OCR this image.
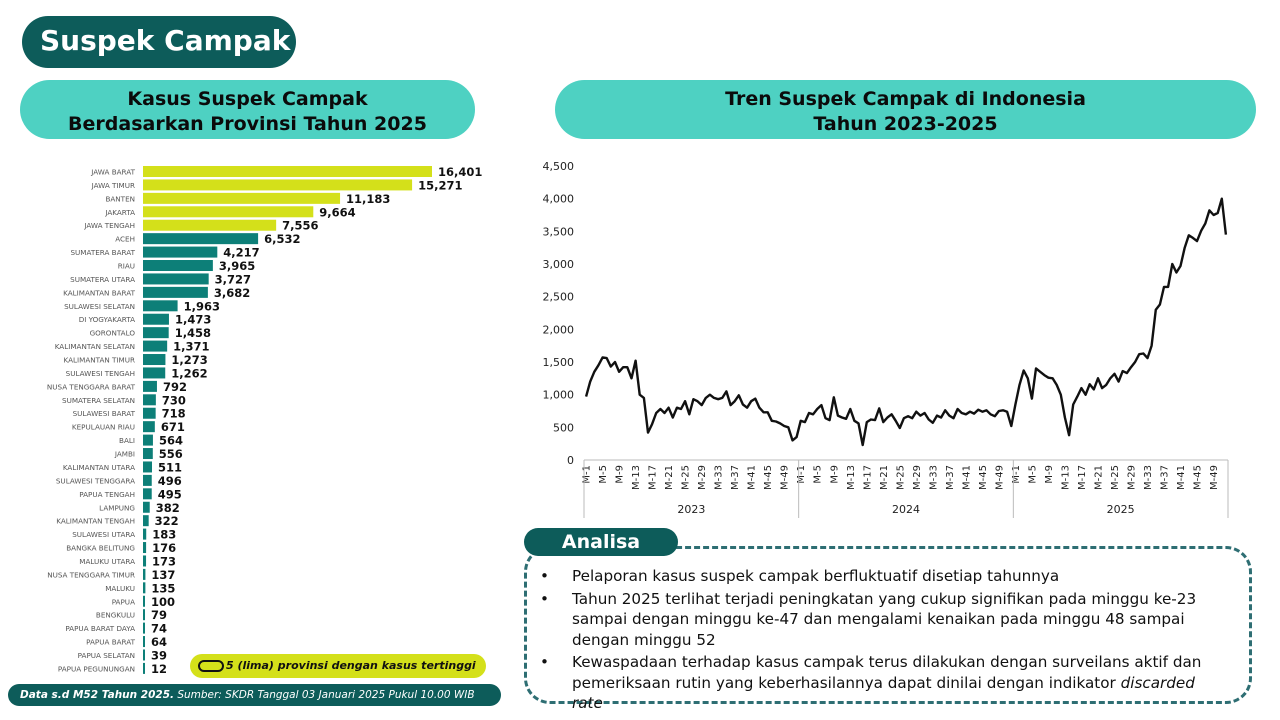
Suspek Campak
Kasus Suspek Campak
Berdasarkan Provinsi Tahun 2025
Tren Suspek Campak di Indonesia
Tahun 2023-2025
JAWA BARAT	16,401
JAWA TIMUR	15,271
BANTEN	11,183
JAKARTA	9,664
JAWA TENGAH	7,556
ACEH	6,532
SUMATERA BARAT	4,217
RIAU	3,965
SUMATERA UTARA	3,727
KALIMANTAN BARAT	3,682
SULAWESI SELATAN	1,963
DI YOGYAKARTA	1,473
GORONTALO	1,458
KALIMANTAN SELATAN	1,371
KALIMANTAN TIMUR	1,273
SULAWESI TENGAH	1,262
NUSA TENGGARA BARAT 792
SUMATERA SELATAN 730
SULAWESI BARAT 718
KEPULAUAN RIAU 671
BALI 564
JAMBI 556
KALIMANTAN UTARA 511
SULAWESI TENGGARA 496
PAPUA TENGAH 495
LAMPUNG 382
KALIMANTAN TENGAH 322
SULAWESI UTARA 183
BANGKA BELITUNG 176
MALUKU UTARA 173
NUSA TENGGARA TIMUR 137
MALUKU 135
PAPUA 100
BENGKULU 79
PAPUA BARAT DAYA 74
PAPUA BARAT 64
PAPUA SELATAN 39
PAPUA PEGUNUNGAN 12
0
500
1,000
1,500
2,000
2,500
3,000
3,500
4,000
4,500
M-1 M-5 M-9 M-13 M-17 M-21 M-25 M-29 M-33 M-37 M-41 M-45 M-49
2023
M-1 M-5 M-9 M-13 M-17 M-21 M-25 M-29 M-33 M-37 M-41 M-45 M-49
2024
M-1 M-5 M-9 M-13 M-17 M-21 M-25 M-29 M-33 M-37 M-41 M-45 M-49
2025
5 (lima) provinsi dengan kasus tertinggi
Analisa
• Pelaporan kasus suspek campak berfluktuatif disetiap tahunnya
• Tahun 2025 terlihat terjadi peningkatan yang cukup signifikan pada minggu ke-23 sampai dengan minggu ke-47 dan mengalami kenaikan pada minggu 48 sampai dengan minggu 52
• Kewaspadaan terhadap kasus campak terus dilakukan dengan surveilans aktif dan pemeriksaan rutin yang keberhasilannya dapat dinilai dengan indikator discarded rate
Data s.d M52 Tahun 2025. Sumber: SKDR Tanggal 03 Januari 2025 Pukul 10.00 WIB
